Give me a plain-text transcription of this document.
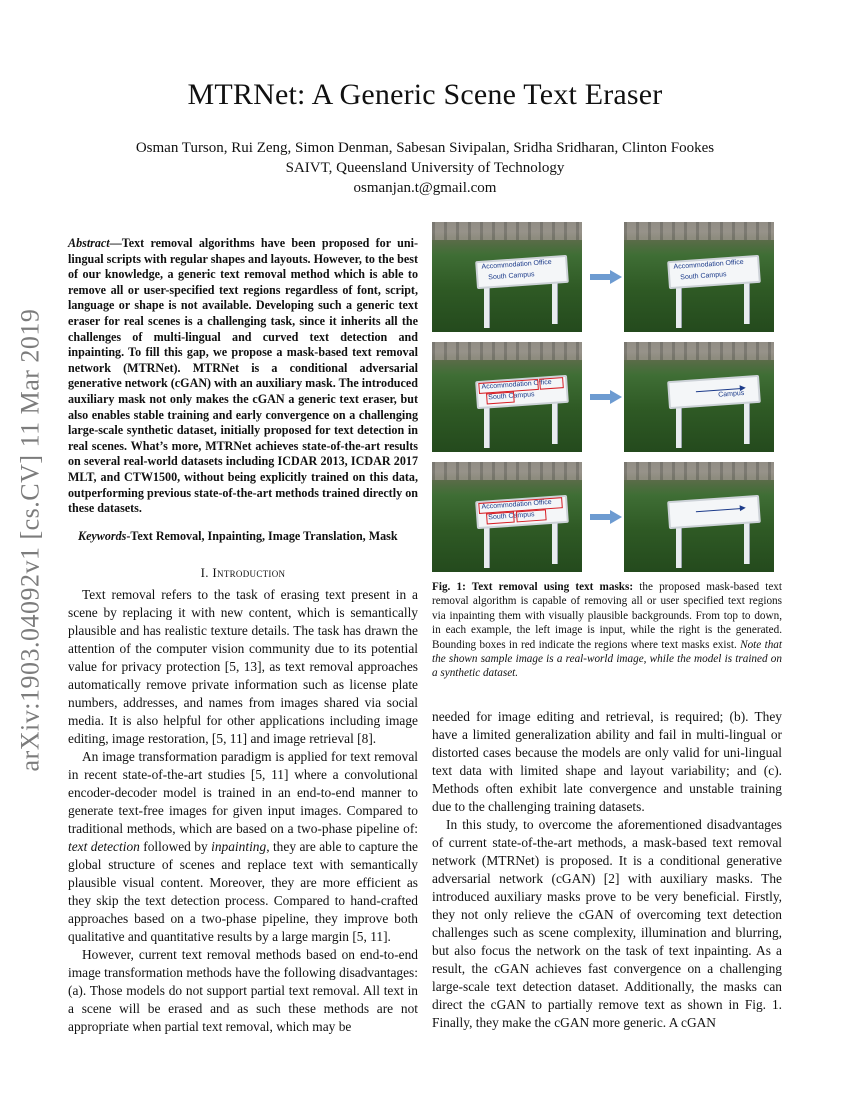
arXiv:1903.04092v1 [cs.CV] 11 Mar 2019
MTRNet: A Generic Scene Text Eraser
Osman Turson, Rui Zeng, Simon Denman, Sabesan Sivipalan, Sridha Sridharan, Clinton Fookes
SAIVT, Queensland University of Technology
osmanjan.t@gmail.com

Abstract—Text removal algorithms have been proposed for uni-lingual scripts with regular shapes and layouts. However, to the best of our knowledge, a generic text removal method which is able to remove all or user-specified text regions regardless of font, script, language or shape is not available. Developing such a generic text eraser for real scenes is a challenging task, since it inherits all the challenges of multi-lingual and curved text detection and inpainting. To fill this gap, we propose a mask-based text removal network (MTRNet). MTRNet is a conditional adversarial generative network (cGAN) with an auxiliary mask. The introduced auxiliary mask not only makes the cGAN a generic text eraser, but also enables stable training and early convergence on a challenging large-scale synthetic dataset, initially proposed for text detection in real scenes. What’s more, MTRNet achieves state-of-the-art results on several real-world datasets including ICDAR 2013, ICDAR 2017 MLT, and CTW1500, without being explicitly trained on this data, outperforming previous state-of-the-art methods trained directly on these datasets.

Keywords-Text Removal, Inpainting, Image Translation, Mask

I. Introduction

Text removal refers to the task of erasing text present in a scene by replacing it with new content, which is semantically plausible and has realistic texture details. The task has drawn the attention of the computer vision community due to its potential value for privacy protection [5, 13], as text removal approaches automatically remove private information such as license plate numbers, addresses, and names from images shared via social media. It is also helpful for other applications including image editing, image restoration, [5, 11] and image retrieval [8].

An image transformation paradigm is applied for text removal in recent state-of-the-art studies [5, 11] where a convolutional encoder-decoder model is trained in an end-to-end manner to generate text-free images for given input images. Compared to traditional methods, which are based on a two-phase pipeline of: text detection followed by inpainting, they are able to capture the global structure of scenes and replace text with semantically plausible visual content. Moreover, they are more efficient as they skip the text detection process. Compared to hand-crafted approaches based on a two-phase pipeline, they improve both qualitative and quantitative results by a large margin [5, 11].

However, current text removal methods based on end-to-end image transformation methods have the following disadvantages: (a). Those models do not support partial text removal. All text in a scene will be erased and as such these methods are not appropriate when partial text removal, which may be

Accommodation Office
South Campus
Accommodation Office
South Campus
Accommodation Office
South Campus	Campus
Accommodation Office
South Campus
Fig. 1: Text removal using text masks: the proposed mask-based text removal algorithm is capable of removing all or user specified text regions via inpainting them with visually plausible backgrounds. From top to down, in each example, the left image is input, while the right is the generated. Bounding boxes in red indicate the regions where text masks exist. Note that the shown sample image is a real-world image, while the model is trained on a synthetic dataset.

needed for image editing and retrieval, is required; (b). They have a limited generalization ability and fail in multi-lingual or distorted cases because the models are only valid for uni-lingual text data with limited shape and layout variability; and (c). Methods often exhibit late convergence and unstable training due to the challenging training datasets.

In this study, to overcome the aforementioned disadvantages of current state-of-the-art methods, a mask-based text removal network (MTRNet) is proposed. It is a conditional generative adversarial network (cGAN) [2] with auxiliary masks. The introduced auxiliary masks prove to be very beneficial. Firstly, they not only relieve the cGAN of overcoming text detection challenges such as scene complexity, illumination and blurring, but also focus the network on the task of text inpainting. As a result, the cGAN achieves fast convergence on a challenging large-scale text detection dataset. Additionally, the masks can direct the cGAN to partially remove text as shown in Fig. 1. Finally, they make the cGAN more generic. A cGAN
